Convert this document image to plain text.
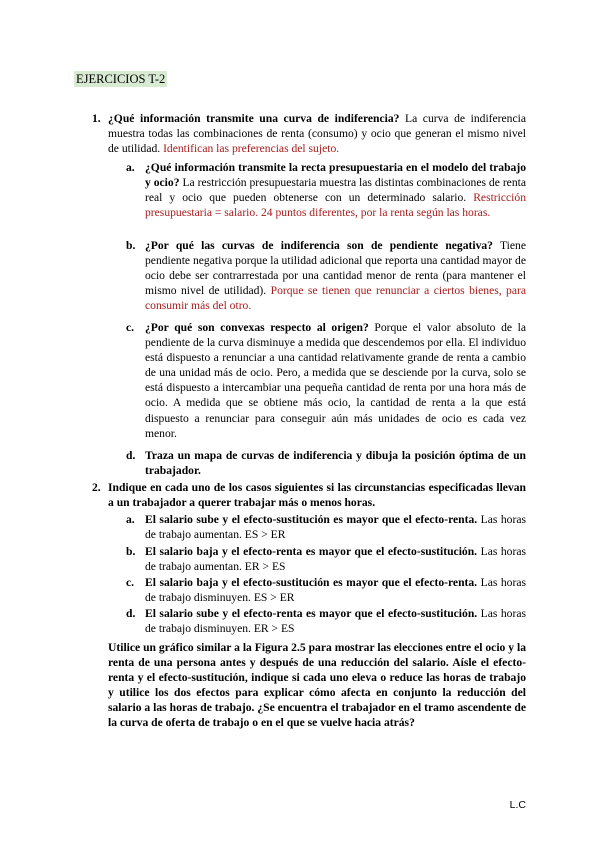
EJERCICIOS T-2
1. ¿Qué información transmite una curva de indiferencia? La curva de indiferencia muestra todas las combinaciones de renta (consumo) y ocio que generan el mismo nivel de utilidad. Identifican las preferencias del sujeto.
a. ¿Qué información transmite la recta presupuestaria en el modelo del trabajo y ocio? La restricción presupuestaria muestra las distintas combinaciones de renta real y ocio que pueden obtenerse con un determinado salario. Restricción presupuestaria = salario. 24 puntos diferentes, por la renta según las horas.
b. ¿Por qué las curvas de indiferencia son de pendiente negativa? Tiene pendiente negativa porque la utilidad adicional que reporta una cantidad mayor de ocio debe ser contrarrestada por una cantidad menor de renta (para mantener el mismo nivel de utilidad). Porque se tienen que renunciar a ciertos bienes, para consumir más del otro.
c. ¿Por qué son convexas respecto al origen? Porque el valor absoluto de la pendiente de la curva disminuye a medida que descendemos por ella. El individuo está dispuesto a renunciar a una cantidad relativamente grande de renta a cambio de una unidad más de ocio. Pero, a medida que se desciende por la curva, solo se está dispuesto a intercambiar una pequeña cantidad de renta por una hora más de ocio. A medida que se obtiene más ocio, la cantidad de renta a la que está dispuesto a renunciar para conseguir aún más unidades de ocio es cada vez menor.
d. Traza un mapa de curvas de indiferencia y dibuja la posición óptima de un trabajador.
2. Indique en cada uno de los casos siguientes si las circunstancias especificadas llevan a un trabajador a querer trabajar más o menos horas.
a. El salario sube y el efecto-sustitución es mayor que el efecto-renta. Las horas de trabajo aumentan. ES > ER
b. El salario baja y el efecto-renta es mayor que el efecto-sustitución. Las horas de trabajo aumentan. ER > ES
c. El salario baja y el efecto-sustitución es mayor que el efecto-renta. Las horas de trabajo disminuyen. ES > ER
d. El salario sube y el efecto-renta es mayor que el efecto-sustitución. Las horas de trabajo disminuyen. ER > ES
Utilice un gráfico similar a la Figura 2.5 para mostrar las elecciones entre el ocio y la renta de una persona antes y después de una reducción del salario. Aísle el efecto-renta y el efecto-sustitución, indique si cada uno eleva o reduce las horas de trabajo y utilice los dos efectos para explicar cómo afecta en conjunto la reducción del salario a las horas de trabajo. ¿Se encuentra el trabajador en el tramo ascendente de la curva de oferta de trabajo o en el que se vuelve hacia atrás?
L.C
